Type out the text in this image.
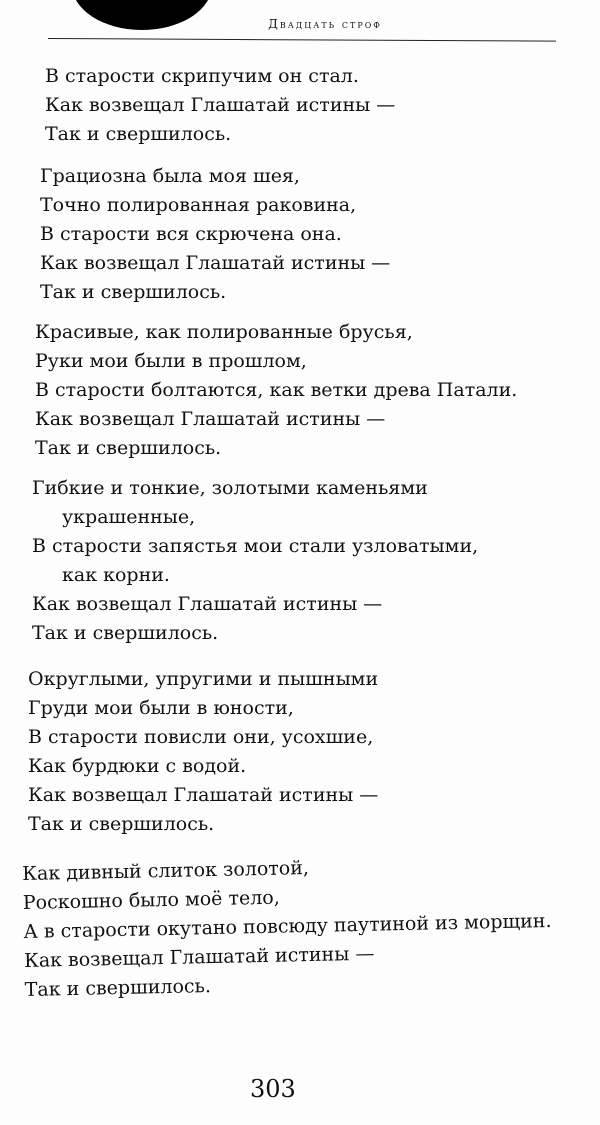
Двадцать строф
В старости скрипучим он стал.
Как возвещал Глашатай истины —
Так и свершилось.
Грациозна была моя шея,
Точно полированная раковина,
В старости вся скрючена она.
Как возвещал Глашатай истины —
Так и свершилось.
Красивые, как полированные брусья,
Руки мои были в прошлом,
В старости болтаются, как ветки древа Патали.
Как возвещал Глашатай истины —
Так и свершилось.
Гибкие и тонкие, золотыми каменьями
украшенные,
В старости запястья мои стали узловатыми,
как корни.
Как возвещал Глашатай истины —
Так и свершилось.
Округлыми, упругими и пышными
Груди мои были в юности,
В старости повисли они, усохшие,
Как бурдюки с водой.
Как возвещал Глашатай истины —
Так и свершилось.
Как дивный слиток золотой,
Роскошно было моё тело,
А в старости окутано повсюду паутиной из морщин.
Как возвещал Глашатай истины —
Так и свершилось.
303
